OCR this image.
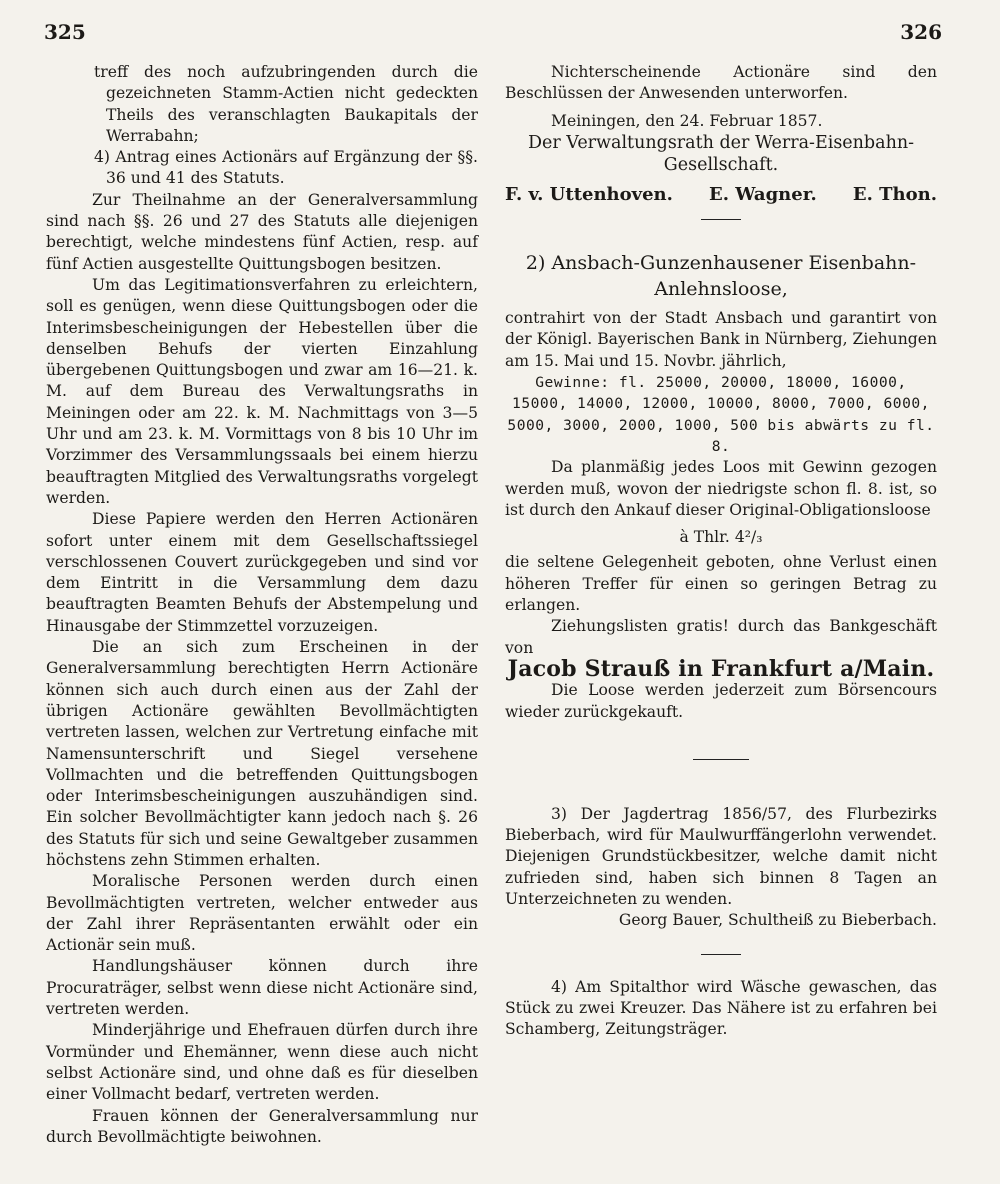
325	326

treff des noch aufzubringenden durch die gezeichneten Stamm-Actien nicht gedeckten Theils des veranschlagten Baukapitals der Werrabahn;

4) Antrag eines Actionärs auf Ergänzung der §§. 36 und 41 des Statuts.

Zur Theilnahme an der Generalversammlung sind nach §§. 26 und 27 des Statuts alle diejenigen berechtigt, welche mindestens fünf Actien, resp. auf fünf Actien ausgestellte Quittungsbogen besitzen.

Um das Legitimationsverfahren zu erleichtern, soll es genügen, wenn diese Quittungsbogen oder die Interimsbescheinigungen der Hebestellen über die denselben Behufs der vierten Einzahlung übergebenen Quittungsbogen und zwar am 16—21. k. M. auf dem Bureau des Verwaltungsraths in Meiningen oder am 22. k. M. Nachmittags von 3—5 Uhr und am 23. k. M. Vormittags von 8 bis 10 Uhr im Vorzimmer des Versammlungssaals bei einem hierzu beauftragten Mitglied des Verwaltungsraths vorgelegt werden.

Diese Papiere werden den Herren Actionären sofort unter einem mit dem Gesellschaftssiegel verschlossenen Couvert zurückgegeben und sind vor dem Eintritt in die Versammlung dem dazu beauftragten Beamten Behufs der Abstempelung und Hinausgabe der Stimmzettel vorzuzeigen.

Die an sich zum Erscheinen in der Generalversammlung berechtigten Herrn Actionäre können sich auch durch einen aus der Zahl der übrigen Actionäre gewählten Bevollmächtigten vertreten lassen, welchen zur Vertretung einfache mit Namensunterschrift und Siegel versehene Vollmachten und die betreffenden Quittungsbogen oder Interimsbescheinigungen auszuhändigen sind. Ein solcher Bevollmächtigter kann jedoch nach §. 26 des Statuts für sich und seine Gewaltgeber zusammen höchstens zehn Stimmen erhalten.

Moralische Personen werden durch einen Bevollmächtigten vertreten, welcher entweder aus der Zahl ihrer Repräsentanten erwählt oder ein Actionär sein muß.

Handlungshäuser können durch ihre Procuraträger, selbst wenn diese nicht Actionäre sind, vertreten werden.

Minderjährige und Ehefrauen dürfen durch ihre Vormünder und Ehemänner, wenn diese auch nicht selbst Actionäre sind, und ohne daß es für dieselben einer Vollmacht bedarf, vertreten werden.

Frauen können der Generalversammlung nur durch Bevollmächtigte beiwohnen.

Nichterscheinende Actionäre sind den Beschlüssen der Anwesenden unterworfen.

Meiningen, den 24. Februar 1857.

Der Verwaltungsrath der Werra-Eisenbahn-Gesellschaft.

F. v. Uttenhoven. E. Wagner. E. Thon.

2) Ansbach-Gunzenhausener Eisenbahn-Anlehnsloose,

contrahirt von der Stadt Ansbach und garantirt von der Königl. Bayerischen Bank in Nürnberg, Ziehungen am 15. Mai und 15. Novbr. jährlich,

Gewinne: fl. 25000, 20000, 18000, 16000, 15000, 14000, 12000, 10000, 8000, 7000, 6000, 5000, 3000, 2000, 1000, 500 bis abwärts zu fl. 8.

Da planmäßig jedes Loos mit Gewinn gezogen werden muß, wovon der niedrigste schon fl. 8. ist, so ist durch den Ankauf dieser Original-Obligationsloose

à Thlr. 4²/₃

die seltene Gelegenheit geboten, ohne Verlust einen höheren Treffer für einen so geringen Betrag zu erlangen.

Ziehungslisten gratis! durch das Bankgeschäft von

Jacob Strauß in Frankfurt a/Main.

Die Loose werden jederzeit zum Börsencours wieder zurückgekauft.

3) Der Jagdertrag 1856/57, des Flurbezirks Bieberbach, wird für Maulwurffängerlohn verwendet. Diejenigen Grundstückbesitzer, welche damit nicht zufrieden sind, haben sich binnen 8 Tagen an Unterzeichneten zu wenden.

Georg Bauer, Schultheiß zu Bieberbach.

4) Am Spitalthor wird Wäsche gewaschen, das Stück zu zwei Kreuzer. Das Nähere ist zu erfahren bei Schamberg, Zeitungsträger.
